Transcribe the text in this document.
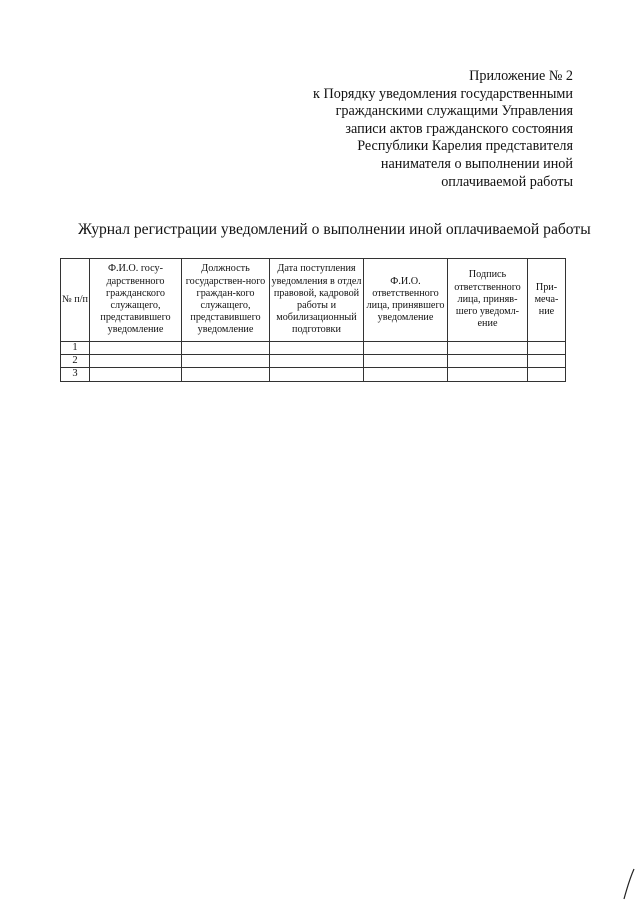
Приложение № 2
к Порядку уведомления государственными
гражданскими служащими Управления
записи актов гражданского состояния
Республики Карелия представителя
нанимателя о выполнении иной
оплачиваемой работы
Журнал регистрации уведомлений о выполнении иной оплачиваемой работы
№ п/п	Ф.И.О. госу-дарственного гражданского служащего, представившего уведомление	Должность государствен-ного граждан-кого служащего, представившего уведомление	Дата поступления уведомления в отдел правовой, кадровой работы и мобилизационный подготовки	Ф.И.О. ответственного лица, принявшего уведомление	Подпись ответственного лица, приняв-шего уведомл-ение	При-меча-ние
1						
2						
3						
